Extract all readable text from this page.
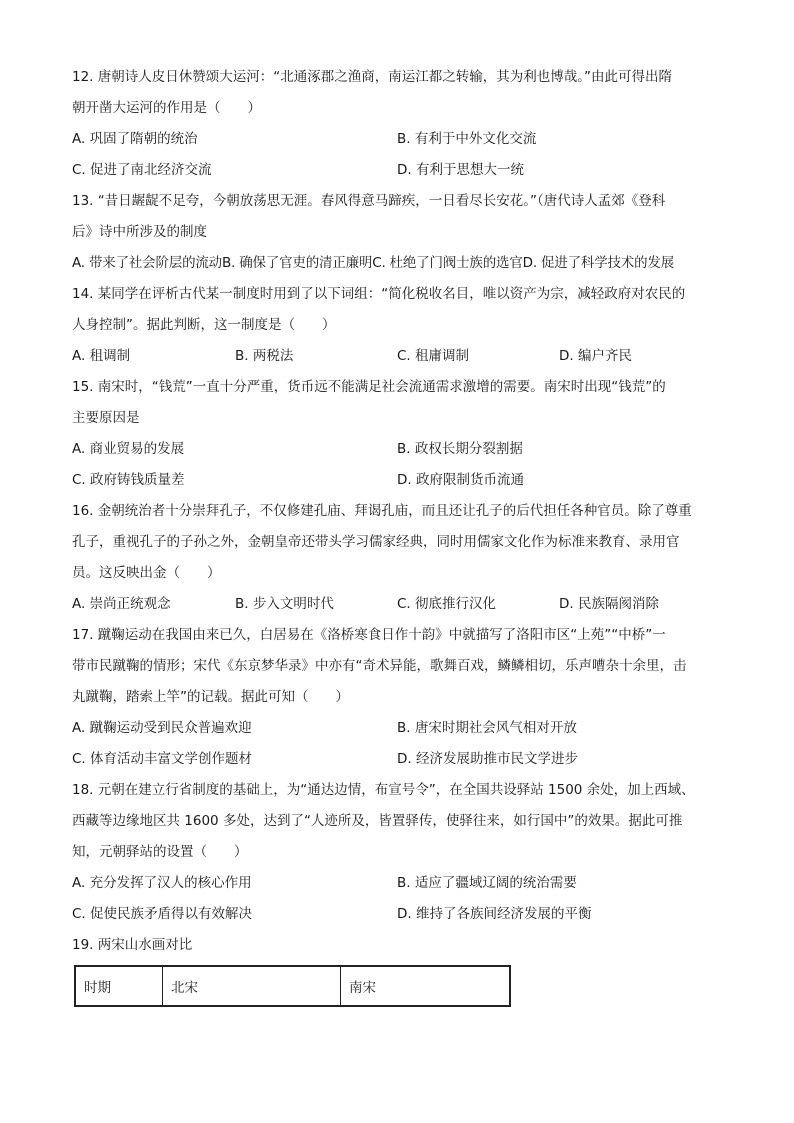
12. 唐朝诗人皮日休赞颂大运河：“北通涿郡之渔商，南运江都之转输，其为利也博哉。”由此可得出隋
朝开凿大运河的作用是（　　）
A. 巩固了隋朝的统治	B. 有利于中外文化交流
C. 促进了南北经济交流	D. 有利于思想大一统
13. “昔日龌龊不足夸，今朝放荡思无涯。春风得意马蹄疾，一日看尽长安花。”（唐代诗人孟郊《登科
后》诗中所涉及的制度
A. 带来了社会阶层的流动B. 确保了官吏的清正廉明C. 杜绝了门阀士族的选官D. 促进了科学技术的发展
14. 某同学在评析古代某一制度时用到了以下词组：“简化税收名目，唯以资产为宗，减轻政府对农民的
人身控制”。据此判断，这一制度是（　　）
A. 租调制	B. 两税法	C. 租庸调制	D. 编户齐民
15. 南宋时，“钱荒”一直十分严重，货币远不能满足社会流通需求激增的需要。南宋时出现“钱荒”的
主要原因是
A. 商业贸易的发展	B. 政权长期分裂割据
C. 政府铸钱质量差	D. 政府限制货币流通
16. 金朝统治者十分崇拜孔子，不仅修建孔庙、拜谒孔庙，而且还让孔子的后代担任各种官员。除了尊重
孔子，重视孔子的子孙之外，金朝皇帝还带头学习儒家经典，同时用儒家文化作为标准来教育、录用官
员。这反映出金（　　）
A. 崇尚正统观念	B. 步入文明时代	C. 彻底推行汉化	D. 民族隔阂消除
17. 蹴鞠运动在我国由来已久，白居易在《洛桥寒食日作十韵》中就描写了洛阳市区“上苑”“中桥”一
带市民蹴鞠的情形；宋代《东京梦华录》中亦有“奇术异能，歌舞百戏，鳞鳞相切，乐声嘈杂十余里，击
丸蹴鞠，踏索上竿”的记载。据此可知（　　）
A. 蹴鞠运动受到民众普遍欢迎	B. 唐宋时期社会风气相对开放
C. 体育活动丰富文学创作题材	D. 经济发展助推市民文学进步
18. 元朝在建立行省制度的基础上，为“通达边情，布宣号令”，在全国共设驿站 1500 余处，加上西域、
西藏等边缘地区共 1600 多处，达到了“人迹所及，皆置驿传，使驿往来，如行国中”的效果。据此可推
知，元朝驿站的设置（　　）
A. 充分发挥了汉人的核心作用	B. 适应了疆域辽阔的统治需要
C. 促使民族矛盾得以有效解决	D. 维持了各族间经济发展的平衡
19. 两宋山水画对比
时期	北宋	南宋
